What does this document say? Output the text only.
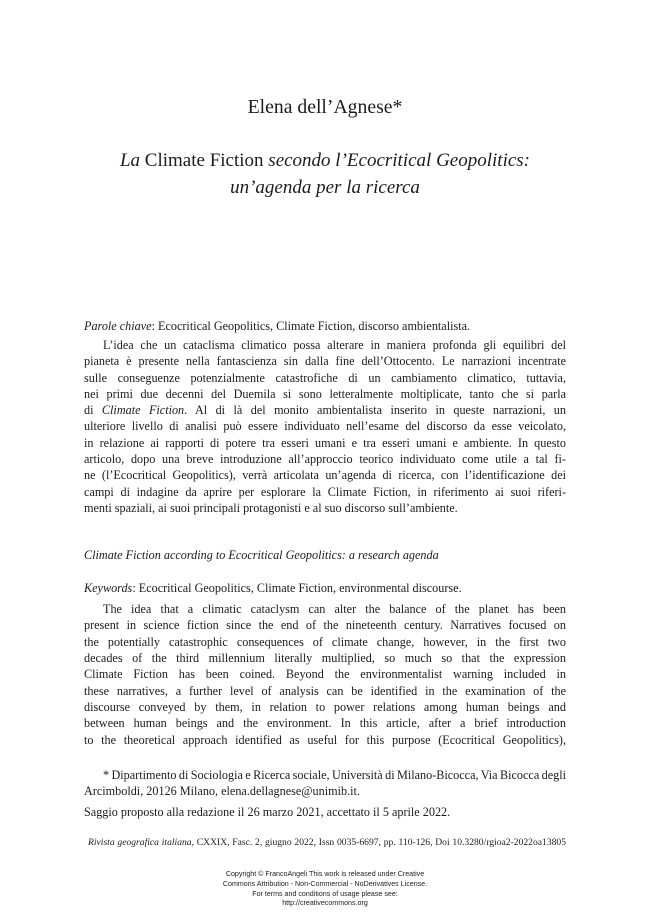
Elena dell’Agnese*
La Climate Fiction secondo l’Ecocritical Geopolitics:
un’agenda per la ricerca
Parole chiave: Ecocritical Geopolitics, Climate Fiction, discorso ambientalista.
L’idea che un cataclisma climatico possa alterare in maniera profonda gli equilibri del
pianeta è presente nella fantascienza sin dalla fine dell’Ottocento. Le narrazioni incentrate
sulle conseguenze potenzialmente catastrofiche di un cambiamento climatico, tuttavia,
nei primi due decenni del Duemila si sono letteralmente moltiplicate, tanto che si parla
di Climate Fiction. Al di là del monito ambientalista inserito in queste narrazioni, un
ulteriore livello di analisi può essere individuato nell’esame del discorso da esse veicolato,
in relazione ai rapporti di potere tra esseri umani e tra esseri umani e ambiente. In questo
articolo, dopo una breve introduzione all’approccio teorico individuato come utile a tal fi-
ne (l’Ecocritical Geopolitics), verrà articolata un’agenda di ricerca, con l’identificazione dei
campi di indagine da aprire per esplorare la Climate Fiction, in riferimento ai suoi riferi-
menti spaziali, ai suoi principali protagonisti e al suo discorso sull’ambiente.
Climate Fiction according to Ecocritical Geopolitics: a research agenda
Keywords: Ecocritical Geopolitics, Climate Fiction, environmental discourse.
The idea that a climatic cataclysm can alter the balance of the planet has been
present in science fiction since the end of the nineteenth century. Narratives focused on
the potentially catastrophic consequences of climate change, however, in the first two
decades of the third millennium literally multiplied, so much so that the expression
Climate Fiction has been coined. Beyond the environmentalist warning included in
these narratives, a further level of analysis can be identified in the examination of the
discourse conveyed by them, in relation to power relations among human beings and
between human beings and the environment. In this article, after a brief introduction
to the theoretical approach identified as useful for this purpose (Ecocritical Geopolitics),
* Dipartimento di Sociologia e Ricerca sociale, Università di Milano-Bicocca, Via Bicocca degli
Arcimboldi, 20126 Milano, elena.dellagnese@unimib.it.
Saggio proposto alla redazione il 26 marzo 2021, accettato il 5 aprile 2022.
Rivista geografica italiana, CXXIX, Fasc. 2, giugno 2022, Issn 0035-6697, pp. 110-126, Doi 10.3280/rgioa2-2022oa13805
Copyright © FrancoAngeli This work is released under Creative
Commons Attribution - Non-Commercial - NoDerivatives License.
For terms and conditions of usage please see:
http://creativecommons.org
